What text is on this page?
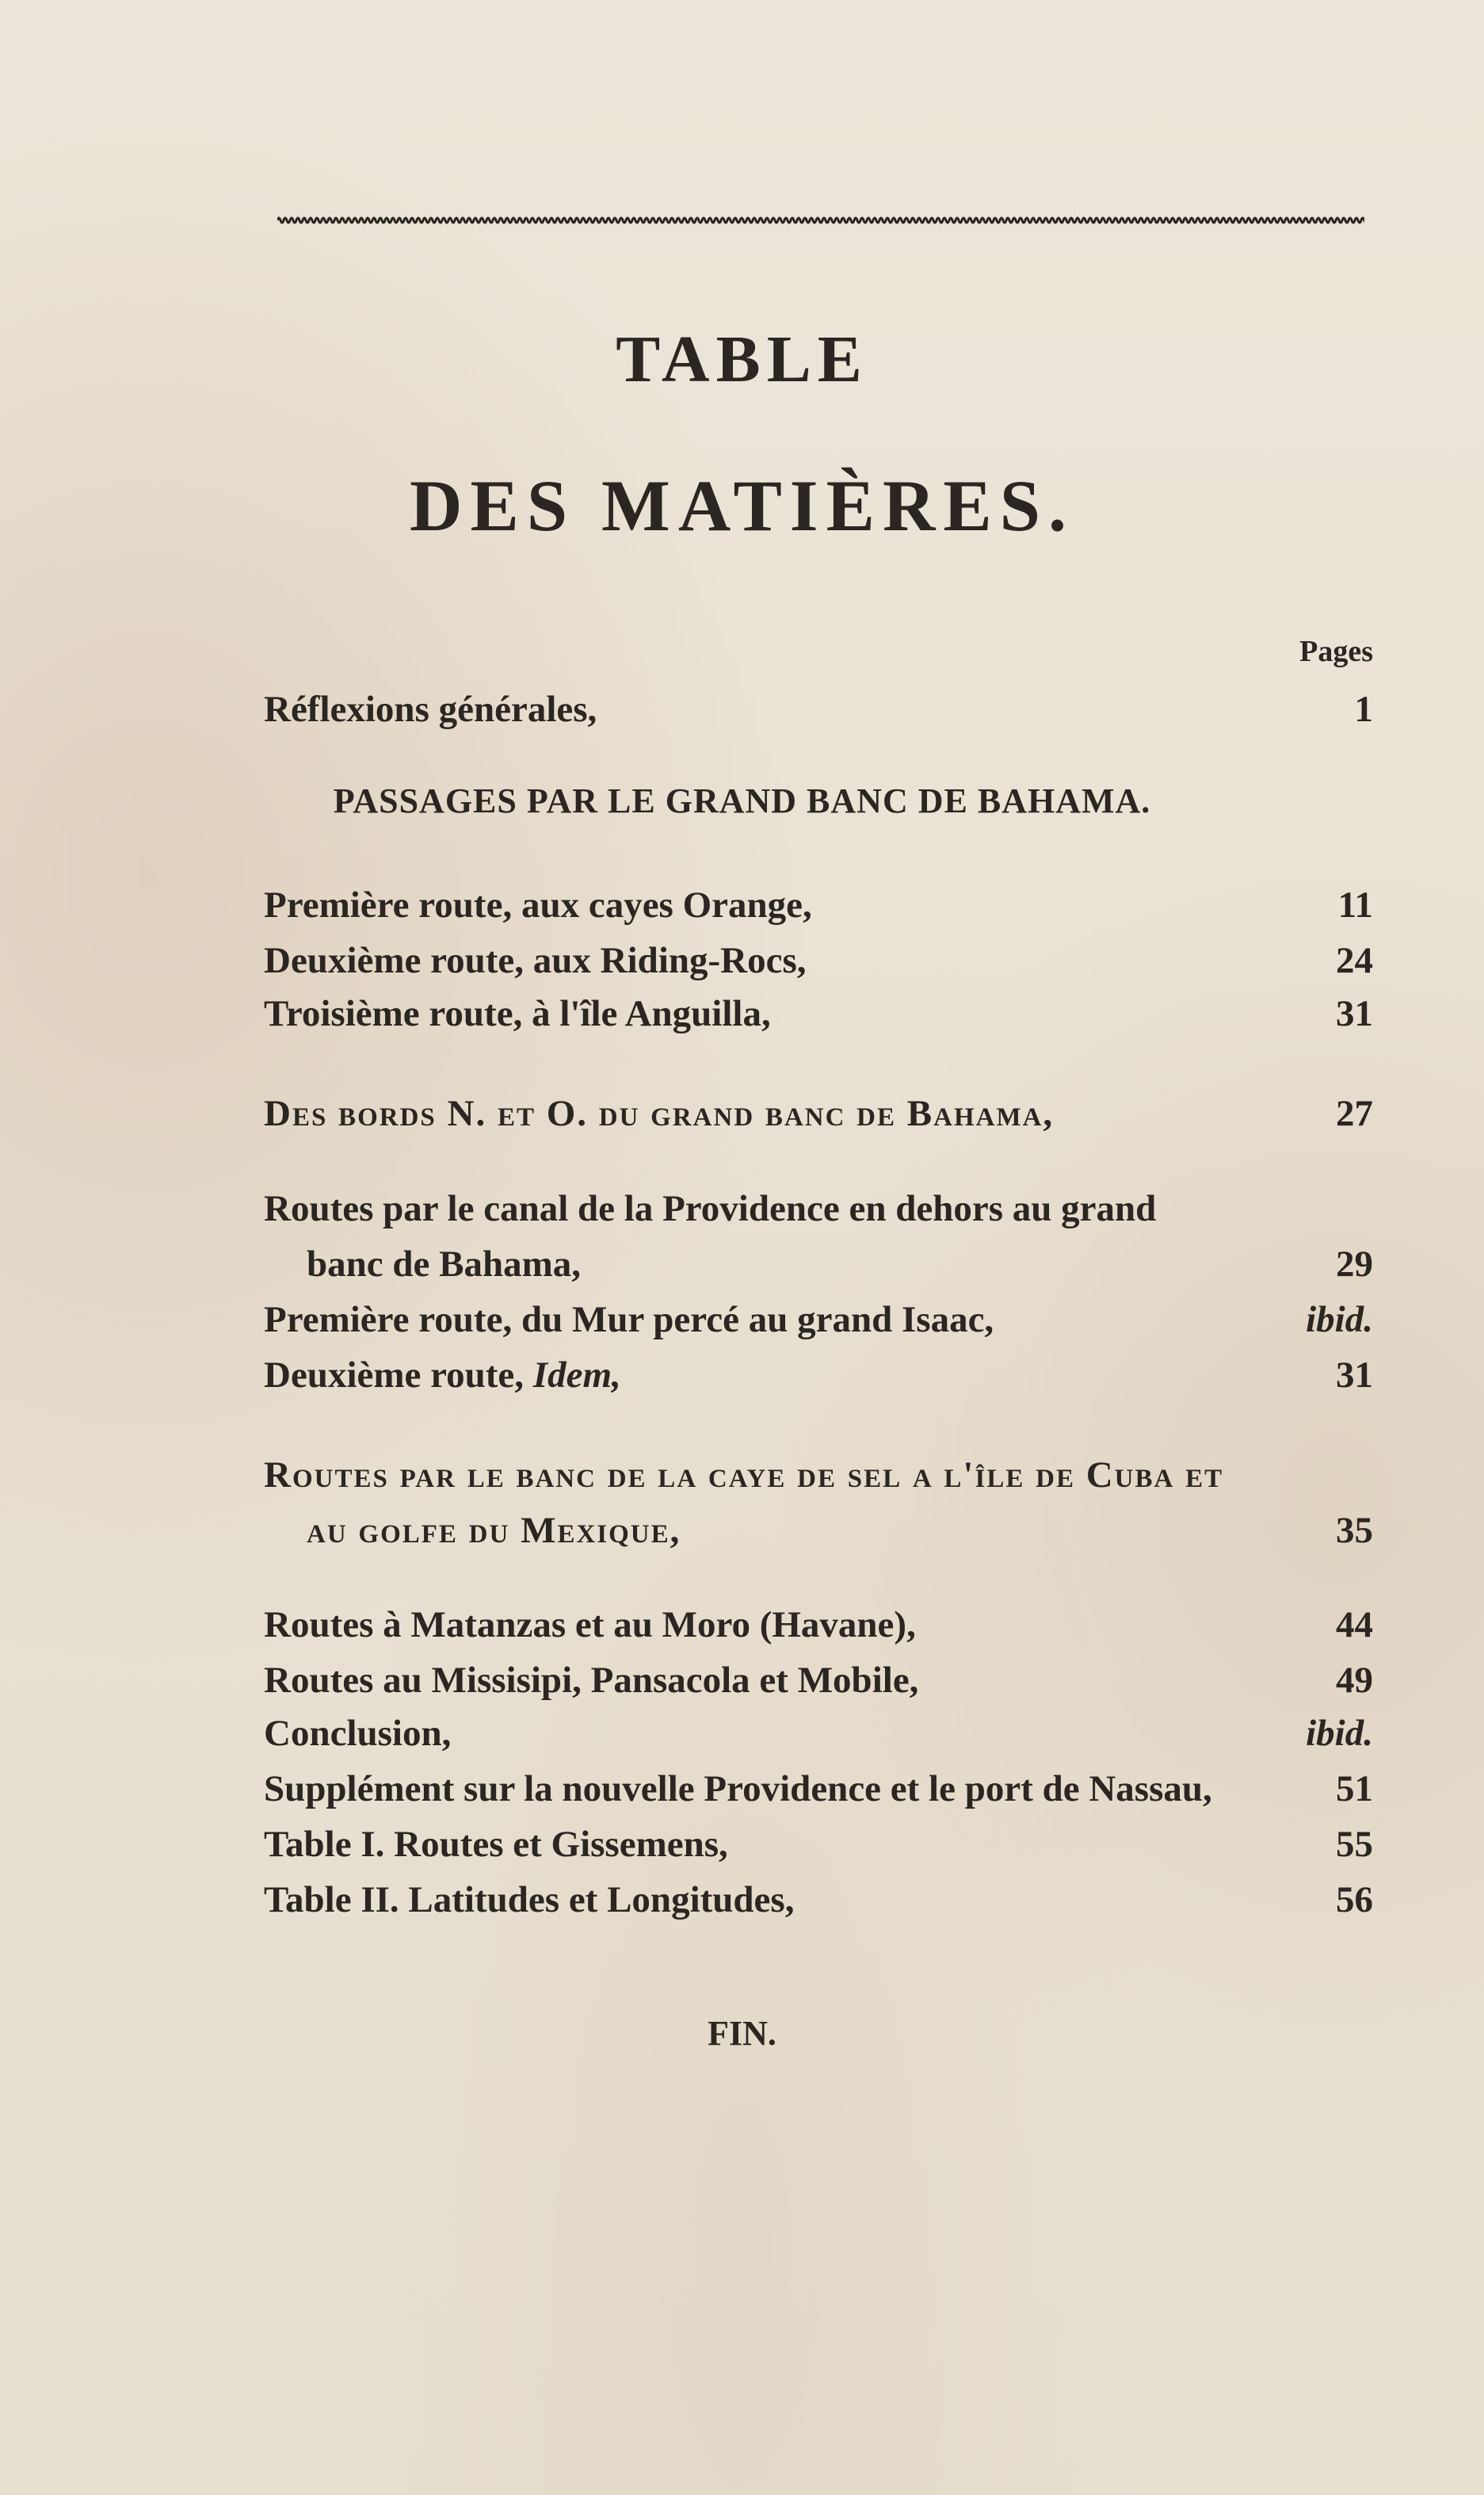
TABLE
DES MATIÈRES.
Pages
Réflexions générales,	1
PASSAGES PAR LE GRAND BANC DE BAHAMA.
Première route, aux cayes Orange,	11
Deuxième route, aux Riding-Rocs,	24
Troisième route, à l'île Anguilla,	31
Des bords N. et O. du grand banc de Bahama,	27
Routes par le canal de la Providence en dehors au grand
banc de Bahama,	29
Première route, du Mur percé au grand Isaac,	ibid.
Deuxième route, Idem,	31
Routes par le banc de la caye de sel a l'île de Cuba et
au golfe du Mexique,	35
Routes à Matanzas et au Moro (Havane),	44
Routes au Missisipi, Pansacola et Mobile,	49
Conclusion,	ibid.
Supplément sur la nouvelle Providence et le port de Nassau,	51
Table I. Routes et Gissemens,	55
Table II. Latitudes et Longitudes,	56
FIN.
